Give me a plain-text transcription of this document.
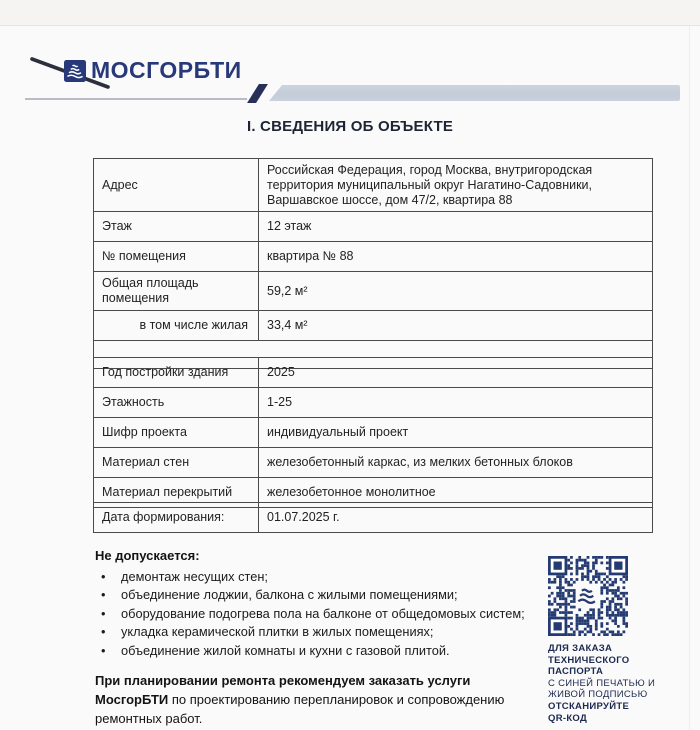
МОСГОРБТИ
I. СВЕДЕНИЯ ОБ ОБЪЕКТЕ
Адрес	Российская Федерация, город Москва, внутригородская территория муниципальный округ Нагатино-Садовники, Варшавское шоссе, дом 47/2, квартира 88
Этаж	12 этаж
№ помещения	квартира № 88
Общая площадь помещения	59,2 м²
в том числе жилая	33,4 м²

Год постройки здания	2025
Этажность	1-25
Шифр проекта	индивидуальный проект
Материал стен	железобетонный каркас, из мелких бетонных блоков
Материал перекрытий	железобетонное монолитное
Дата формирования:	01.07.2025 г.
Не допускается:
• демонтаж несущих стен;
• объединение лоджии, балкона с жилыми помещениями;
• оборудование подогрева пола на балконе от общедомовых систем;
• укладка керамической плитки в жилых помещениях;
• объединение жилой комнаты и кухни с газовой плитой.
При планировании ремонта рекомендуем заказать услуги МосгорБТИ по проектированию перепланировок и сопровождению ремонтных работ.
ДЛЯ ЗАКАЗА
ТЕХНИЧЕСКОГО
ПАСПОРТА
С СИНЕЙ ПЕЧАТЬЮ И
ЖИВОЙ ПОДПИСЬЮ
ОТСКАНИРУЙТЕ
QR-КОД
